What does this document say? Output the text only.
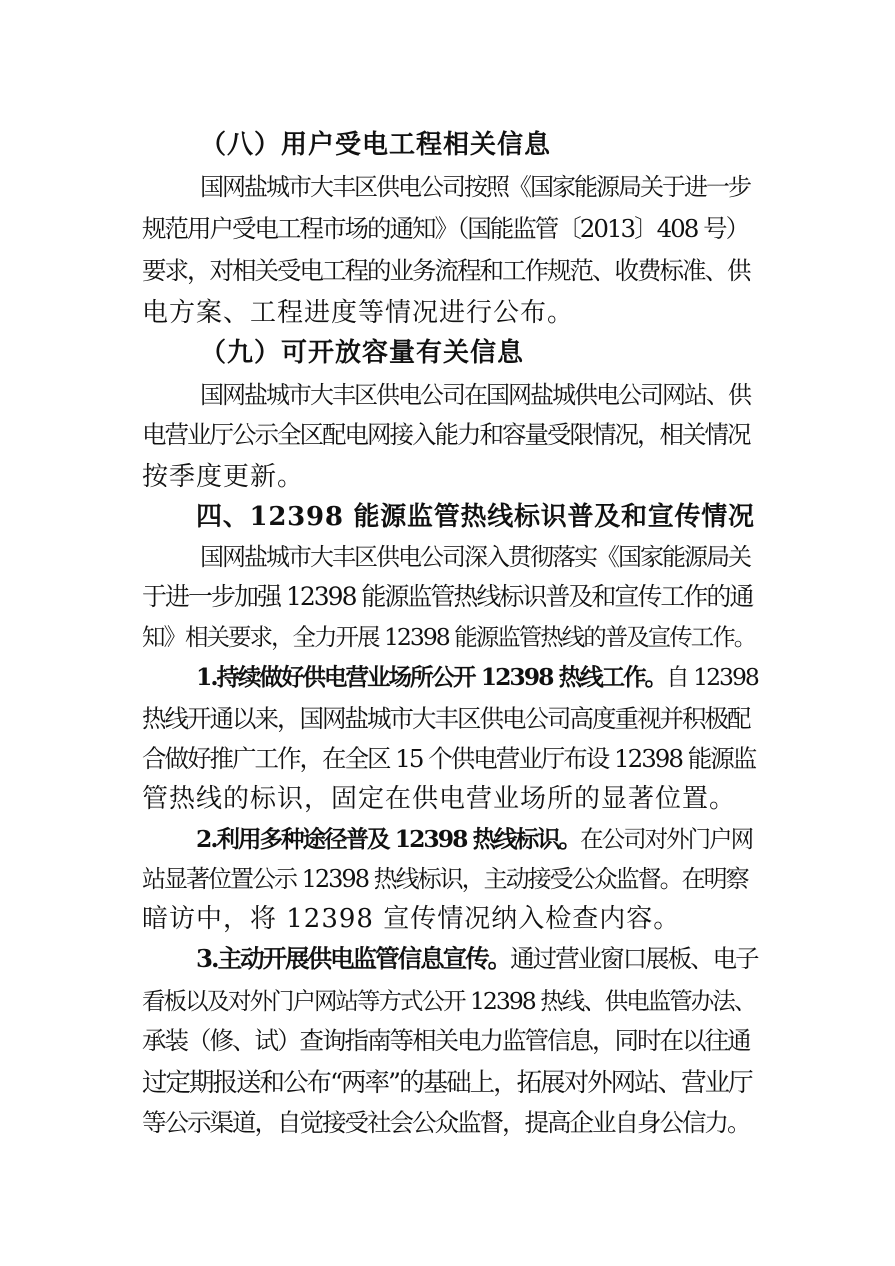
（八）用户受电工程相关信息
国网盐城市大丰区供电公司按照《国家能源局关于进一步
规范用户受电工程市场的通知》（国能监管〔2013〕408 号）
要求，对相关受电工程的业务流程和工作规范、收费标准、供
电方案、工程进度等情况进行公布。
（九）可开放容量有关信息
国网盐城市大丰区供电公司在国网盐城供电公司网站、供
电营业厅公示全区配电网接入能力和容量受限情况，相关情况
按季度更新。
四、12398 能源监管热线标识普及和宣传情况
国网盐城市大丰区供电公司深入贯彻落实《国家能源局关
于进一步加强 12398 能源监管热线标识普及和宣传工作的通
知》相关要求，全力开展 12398 能源监管热线的普及宣传工作。
1.持续做好供电营业场所公开 12398 热线工作。自 12398
热线开通以来，国网盐城市大丰区供电公司高度重视并积极配
合做好推广工作，在全区 15 个供电营业厅布设 12398 能源监
管热线的标识，固定在供电营业场所的显著位置。
2.利用多种途径普及 12398 热线标识。在公司对外门户网
站显著位置公示 12398 热线标识，主动接受公众监督。在明察
暗访中，将 12398 宣传情况纳入检查内容。
3.主动开展供电监管信息宣传。通过营业窗口展板、电子
看板以及对外门户网站等方式公开 12398 热线、供电监管办法、
承装（修、试）查询指南等相关电力监管信息，同时在以往通
过定期报送和公布“两率”的基础上，拓展对外网站、营业厅
等公示渠道，自觉接受社会公众监督，提高企业自身公信力。
